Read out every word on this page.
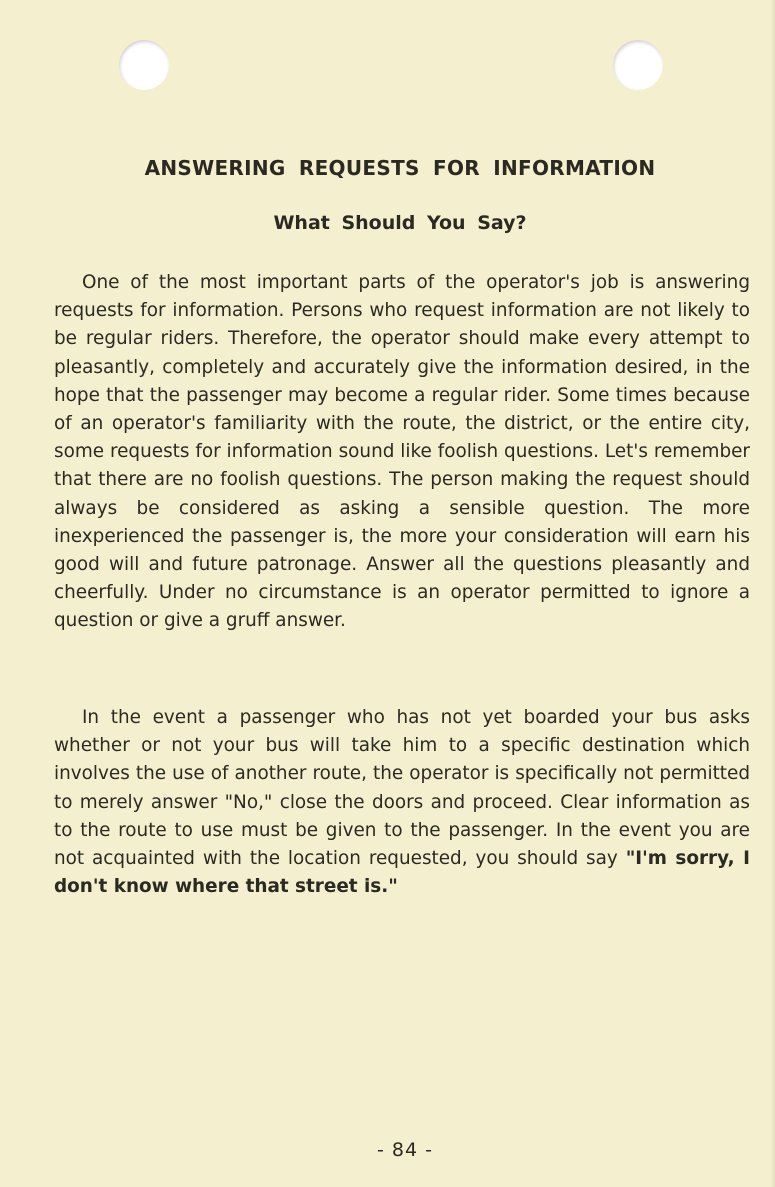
ANSWERING REQUESTS FOR INFORMATION
What Should You Say?

One of the most important parts of the operator's job is answering requests for information. Persons who request information are not likely to be regular riders. Therefore, the operator should make every attempt to pleasantly, completely and accurately give the information desired, in the hope that the passenger may become a regular rider. Some times because of an operator's familiarity with the route, the district, or the entire city, some requests for information sound like foolish questions. Let's remember that there are no foolish questions. The person making the request should always be considered as asking a sensible question. The more inexperienced the passenger is, the more your consideration will earn his good will and future patronage. Answer all the questions pleasantly and cheerfully. Under no circumstance is an operator permitted to ignore a question or give a gruff answer.

In the event a passenger who has not yet boarded your bus asks whether or not your bus will take him to a specific destination which involves the use of another route, the operator is specifically not permitted to merely answer "No," close the doors and proceed. Clear information as to the route to use must be given to the passenger. In the event you are not acquainted with the location requested, you should say "I'm sorry, I don't know where that street is."

- 84 -
